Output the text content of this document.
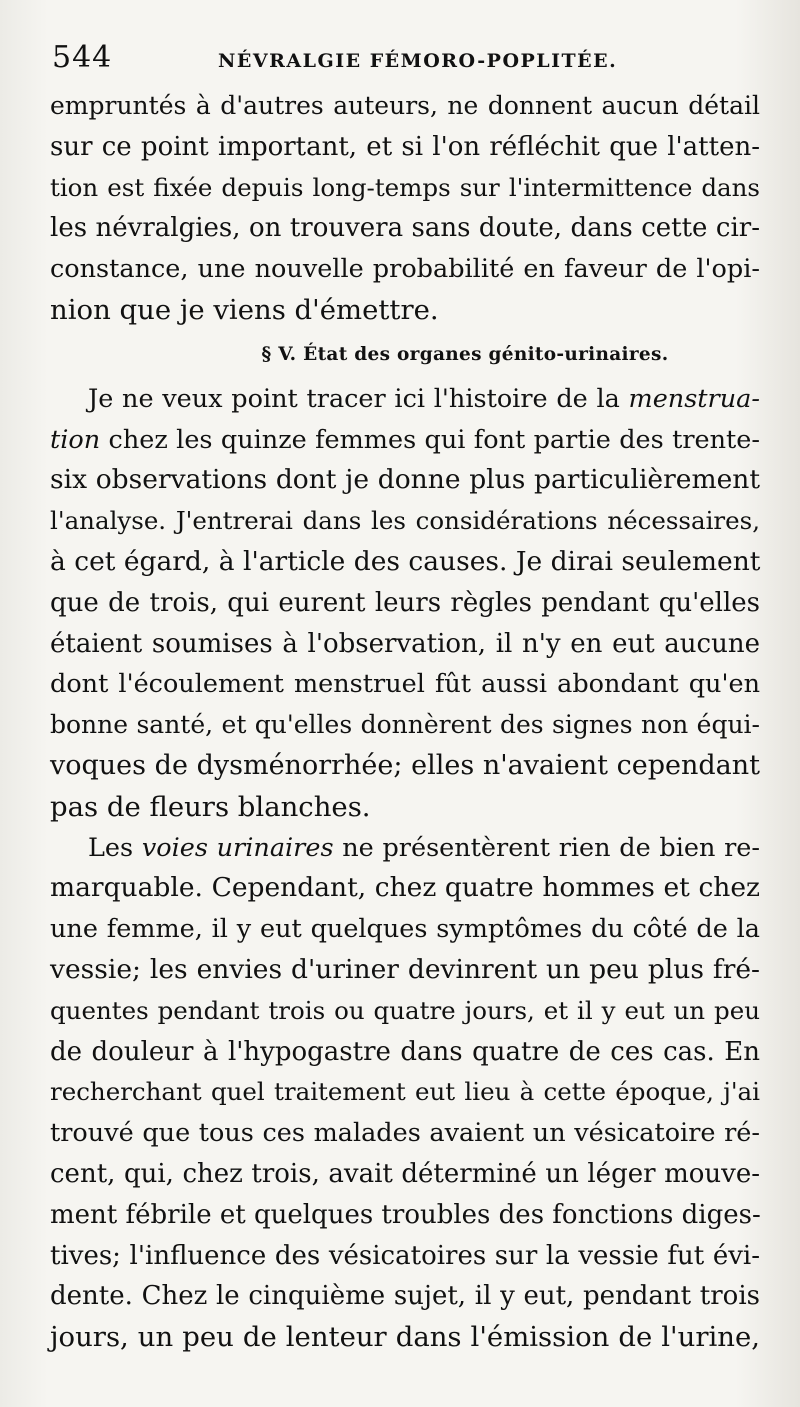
544	NÉVRALGIE FÉMORO-POPLITÉE.
empruntés à d'autres auteurs, ne donnent aucun détail
sur ce point important, et si l'on réfléchit que l'atten-
tion est fixée depuis long-temps sur l'intermittence dans
les névralgies, on trouvera sans doute, dans cette cir-
constance, une nouvelle probabilité en faveur de l'opi-
nion que je viens d'émettre.
§ V. État des organes génito-urinaires.
Je ne veux point tracer ici l'histoire de la menstrua-
tion chez les quinze femmes qui font partie des trente-
six observations dont je donne plus particulièrement
l'analyse. J'entrerai dans les considérations nécessaires,
à cet égard, à l'article des causes. Je dirai seulement
que de trois, qui eurent leurs règles pendant qu'elles
étaient soumises à l'observation, il n'y en eut aucune
dont l'écoulement menstruel fût aussi abondant qu'en
bonne santé, et qu'elles donnèrent des signes non équi-
voques de dysménorrhée; elles n'avaient cependant
pas de fleurs blanches.
Les voies urinaires ne présentèrent rien de bien re-
marquable. Cependant, chez quatre hommes et chez
une femme, il y eut quelques symptômes du côté de la
vessie; les envies d'uriner devinrent un peu plus fré-
quentes pendant trois ou quatre jours, et il y eut un peu
de douleur à l'hypogastre dans quatre de ces cas. En
recherchant quel traitement eut lieu à cette époque, j'ai
trouvé que tous ces malades avaient un vésicatoire ré-
cent, qui, chez trois, avait déterminé un léger mouve-
ment fébrile et quelques troubles des fonctions diges-
tives; l'influence des vésicatoires sur la vessie fut évi-
dente. Chez le cinquième sujet, il y eut, pendant trois
jours, un peu de lenteur dans l'émission de l'urine,
